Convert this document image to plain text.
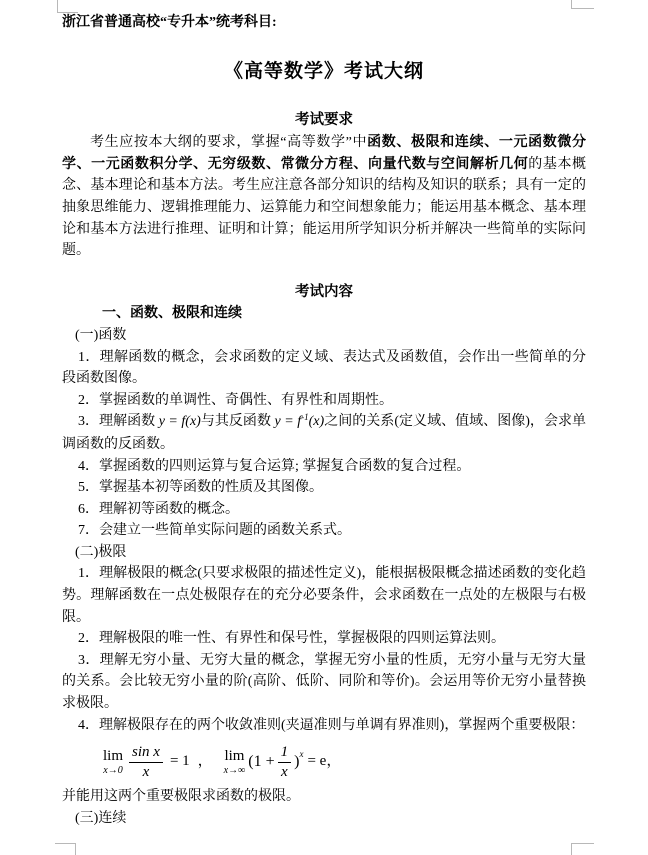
浙江省普通高校“专升本”统考科目:

《高等数学》考试大纲

考试要求

考生应按本大纲的要求，掌握“高等数学”中函数、极限和连续、一元函数微分学、一元函数积分学、无穷级数、常微分方程、向量代数与空间解析几何的基本概念、基本理论和基本方法。考生应注意各部分知识的结构及知识的联系；具有一定的抽象思维能力、逻辑推理能力、运算能力和空间想象能力；能运用基本概念、基本理论和基本方法进行推理、证明和计算；能运用所学知识分析并解决一些简单的实际问题。

考试内容

一、函数、极限和连续

(一)函数

1．理解函数的概念，会求函数的定义域、表达式及函数值，会作出一些简单的分段函数图像。

2．掌握函数的单调性、奇偶性、有界性和周期性。

3．理解函数 y = f(x)与其反函数 $y = f^{-1}(x)$之间的关系(定义域、值域、图像)，会求单调函数的反函数。

4．掌握函数的四则运算与复合运算; 掌握复合函数的复合过程。

5．掌握基本初等函数的性质及其图像。

6．理解初等函数的概念。

7．会建立一些简单实际问题的函数关系式。

(二)极限

1．理解极限的概念(只要求极限的描述性定义)，能根据极限概念描述函数的变化趋势。理解函数在一点处极限存在的充分必要条件，会求函数在一点处的左极限与右极限。

2．理解极限的唯一性、有界性和保号性，掌握极限的四则运算法则。

3．理解无穷小量、无穷大量的概念，掌握无穷小量的性质，无穷小量与无穷大量的关系。会比较无穷小量的阶(高阶、低阶、同阶和等价)。会运用等价无穷小量替换求极限。

4．理解极限存在的两个收敛准则(夹逼准则与单调有界准则)，掌握两个重要极限：

lim
$x\to 0 \frac{\text{sin x}}{x} = 1$ ， lim
x→∞ ($1 + \frac{1}{x}$ ) x = e ，

并能用这两个重要极限求函数的极限。

(三)连续
